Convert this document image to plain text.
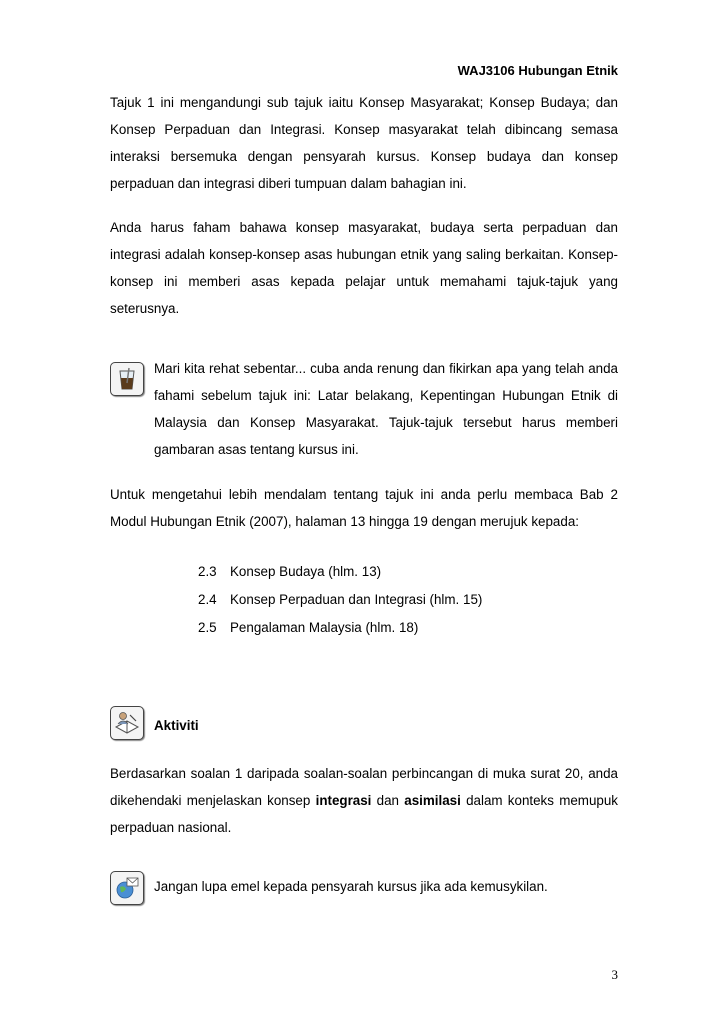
WAJ3106 Hubungan Etnik

Tajuk 1 ini mengandungi sub tajuk iaitu Konsep Masyarakat; Konsep Budaya; dan Konsep Perpaduan dan Integrasi. Konsep masyarakat telah dibincang semasa interaksi bersemuka dengan pensyarah kursus. Konsep budaya dan konsep perpaduan dan integrasi diberi tumpuan dalam bahagian ini.

Anda harus faham bahawa konsep masyarakat, budaya serta perpaduan dan integrasi adalah konsep-konsep asas hubungan etnik yang saling berkaitan. Konsep-konsep ini memberi asas kepada pelajar untuk memahami tajuk-tajuk yang seterusnya.

Mari kita rehat sebentar... cuba anda renung dan fikirkan apa yang telah anda fahami sebelum tajuk ini: Latar belakang, Kepentingan Hubungan Etnik di Malaysia dan Konsep Masyarakat. Tajuk-tajuk tersebut harus memberi gambaran asas tentang kursus ini.

Untuk mengetahui lebih mendalam tentang tajuk ini anda perlu membaca Bab 2 Modul Hubungan Etnik (2007), halaman 13 hingga 19 dengan merujuk kepada:

2.3 Konsep Budaya (hlm. 13)
2.4 Konsep Perpaduan dan Integrasi (hlm. 15)
2.5 Pengalaman Malaysia (hlm. 18)
Aktiviti

Berdasarkan soalan 1 daripada soalan-soalan perbincangan di muka surat 20, anda dikehendaki menjelaskan konsep integrasi dan asimilasi dalam konteks memupuk perpaduan nasional.

Jangan lupa emel kepada pensyarah kursus jika ada kemusykilan.

3
